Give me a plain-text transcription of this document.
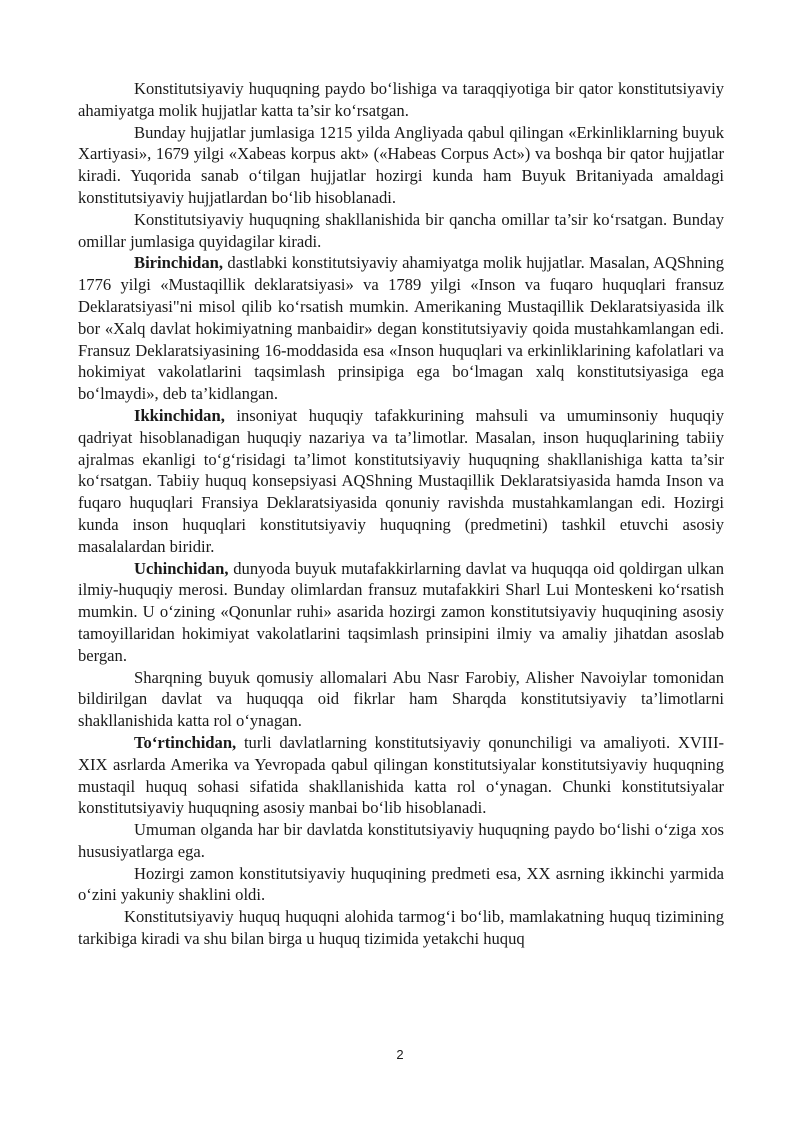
Konstitutsiyaviy huquqning paydo bo‘lishiga va taraqqiyotiga bir qator konstitutsiyaviy ahamiyatga molik hujjatlar katta ta’sir ko‘rsatgan.

Bunday hujjatlar jumlasiga 1215 yilda Angliyada qabul qilingan «Erkinliklarning buyuk Xartiyasi», 1679 yilgi «Xabeas korpus akt» («Habeas Corpus Act») va boshqa bir qator hujjatlar kiradi. Yuqorida sanab o‘tilgan hujjatlar hozirgi kunda ham Buyuk Britaniyada amaldagi konstitutsiyaviy hujjatlardan bo‘lib hisoblanadi.

Konstitutsiyaviy huquqning shakllanishida bir qancha omillar ta’sir ko‘rsatgan. Bunday omillar jumlasiga quyidagilar kiradi.

Birinchidan, dastlabki konstitutsiyaviy ahamiyatga molik hujjatlar. Masalan, AQShning 1776 yilgi «Mustaqillik deklaratsiyasi» va 1789 yilgi «Inson va fuqaro huquqlari fransuz Deklaratsiyasi"ni misol qilib ko‘rsatish mumkin. Amerikaning Mustaqillik Deklaratsiyasida ilk bor «Xalq davlat hokimiyatning manbaidir» degan konstitutsiyaviy qoida mustahkamlangan edi. Fransuz Deklaratsiyasining 16-moddasida esa «Inson huquqlari va erkinliklarining kafolatlari va hokimiyat vakolatlarini taqsimlash prinsipiga ega bo‘lmagan xalq konstitutsiyasiga ega bo‘lmaydi», deb ta’kidlangan.

Ikkinchidan, insoniyat huquqiy tafakkurining mahsuli va umuminsoniy huquqiy qadriyat hisoblanadigan huquqiy nazariya va ta’limotlar. Masalan, inson huquqlarining tabiiy ajralmas ekanligi to‘g‘risidagi ta’limot konstitutsiyaviy huquqning shakllanishiga katta ta’sir ko‘rsatgan. Tabiiy huquq konsepsiyasi AQShning Mustaqillik Deklaratsiyasida hamda Inson va fuqaro huquqlari Fransiya Deklaratsiyasida qonuniy ravishda mustahkamlangan edi. Hozirgi kunda inson huquqlari konstitutsiyaviy huquqning (predmetini) tashkil etuvchi asosiy masalalardan biridir.

Uchinchidan, dunyoda buyuk mutafakkirlarning davlat va huquqqa oid qoldirgan ulkan ilmiy-huquqiy merosi. Bunday olimlardan fransuz mutafakkiri Sharl Lui Monteskeni ko‘rsatish mumkin. U o‘zining «Qonunlar ruhi» asarida hozirgi zamon konstitutsiyaviy huquqining asosiy tamoyillaridan hokimiyat vakolatlarini taqsimlash prinsipini ilmiy va amaliy jihatdan asoslab bergan.

Sharqning buyuk qomusiy allomalari Abu Nasr Farobiy, Alisher Navoiylar tomonidan bildirilgan davlat va huquqqa oid fikrlar ham Sharqda konstitutsiyaviy ta’limotlarni shakllanishida katta rol o‘ynagan.

To‘rtinchidan, turli davlatlarning konstitutsiyaviy qonunchiligi va amaliyoti. XVIII-XIX asrlarda Amerika va Yevropada qabul qilingan konstitutsiyalar konstitutsiyaviy huquqning mustaqil huquq sohasi sifatida shakllanishida katta rol o‘ynagan. Chunki konstitutsiyalar konstitutsiyaviy huquqning asosiy manbai bo‘lib hisoblanadi.

Umuman olganda har bir davlatda konstitutsiyaviy huquqning paydo bo‘lishi o‘ziga xos hususiyatlarga ega.

Hozirgi zamon konstitutsiyaviy huquqining predmeti esa, XX asrning ikkinchi yarmida o‘zini yakuniy shaklini oldi.

Konstitutsiyaviy huquq huquqni alohida tarmog‘i bo‘lib, mamlakatning huquq tizimining tarkibiga kiradi va shu bilan birga u huquq tizimida yetakchi huquq

2
